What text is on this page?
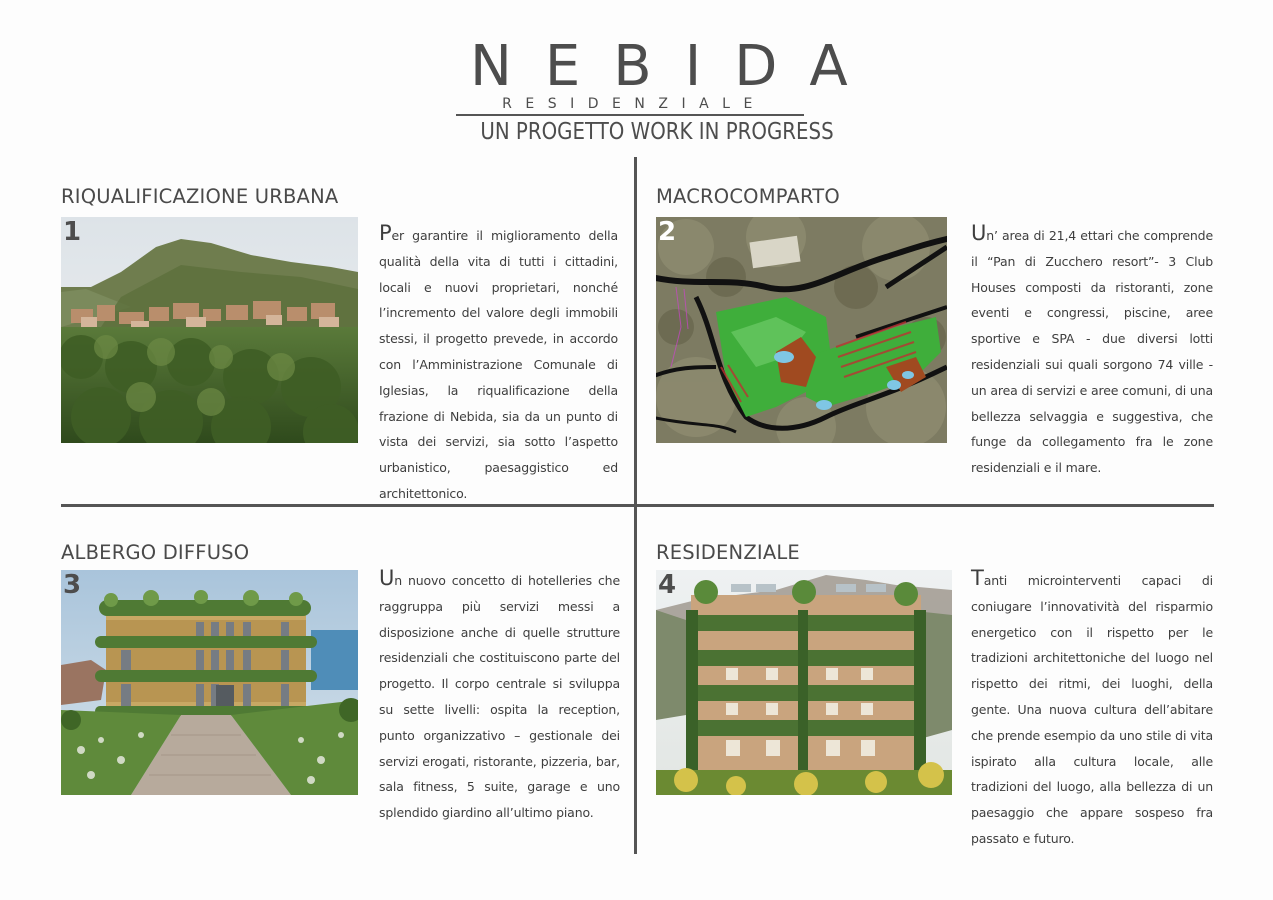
NEBIDA
RESIDENZIALE
UN PROGETTO WORK IN PROGRESS
RIQUALIFICAZIONE URBANA
1	Per garantire il miglioramento della qualità della vita di tutti i cittadini, locali e nuovi proprietari, nonché l’incremento del valore degli immobili stessi, il progetto prevede, in accordo con l’Amministrazione Comunale di Iglesias, la riqualificazione della frazione di Nebida, sia da un punto di vista dei servizi, sia sotto l’aspetto urbanistico, paesaggistico ed architettonico.
MACROCOMPARTO
2	Un’ area di 21,4 ettari che comprende il “Pan di Zucchero resort”- 3 Club Houses composti da ristoranti, zone eventi e congressi, piscine, aree sportive e SPA - due diversi lotti residenziali sui quali sorgono 74 ville - un area di servizi e aree comuni, di una bellezza selvaggia e suggestiva, che funge da collegamento fra le zone residenziali e il mare.
ALBERGO DIFFUSO
3	Un nuovo concetto di hotelleries che raggruppa più servizi messi a disposizione anche di quelle strutture residenziali che costituiscono parte del progetto. Il corpo centrale si sviluppa su sette livelli: ospita la reception, punto organizzativo – gestionale dei servizi erogati, ristorante, pizzeria, bar, sala fitness, 5 suite, garage e uno splendido giardino all’ultimo piano.
RESIDENZIALE
4	Tanti microinterventi capaci di coniugare l’innovatività del risparmio energetico con il rispetto per le tradizioni architettoniche del luogo nel rispetto dei ritmi, dei luoghi, della gente. Una nuova cultura dell’abitare che prende esempio da uno stile di vita ispirato alla cultura locale, alle tradizioni del luogo, alla bellezza di un paesaggio che appare sospeso fra passato e futuro.
